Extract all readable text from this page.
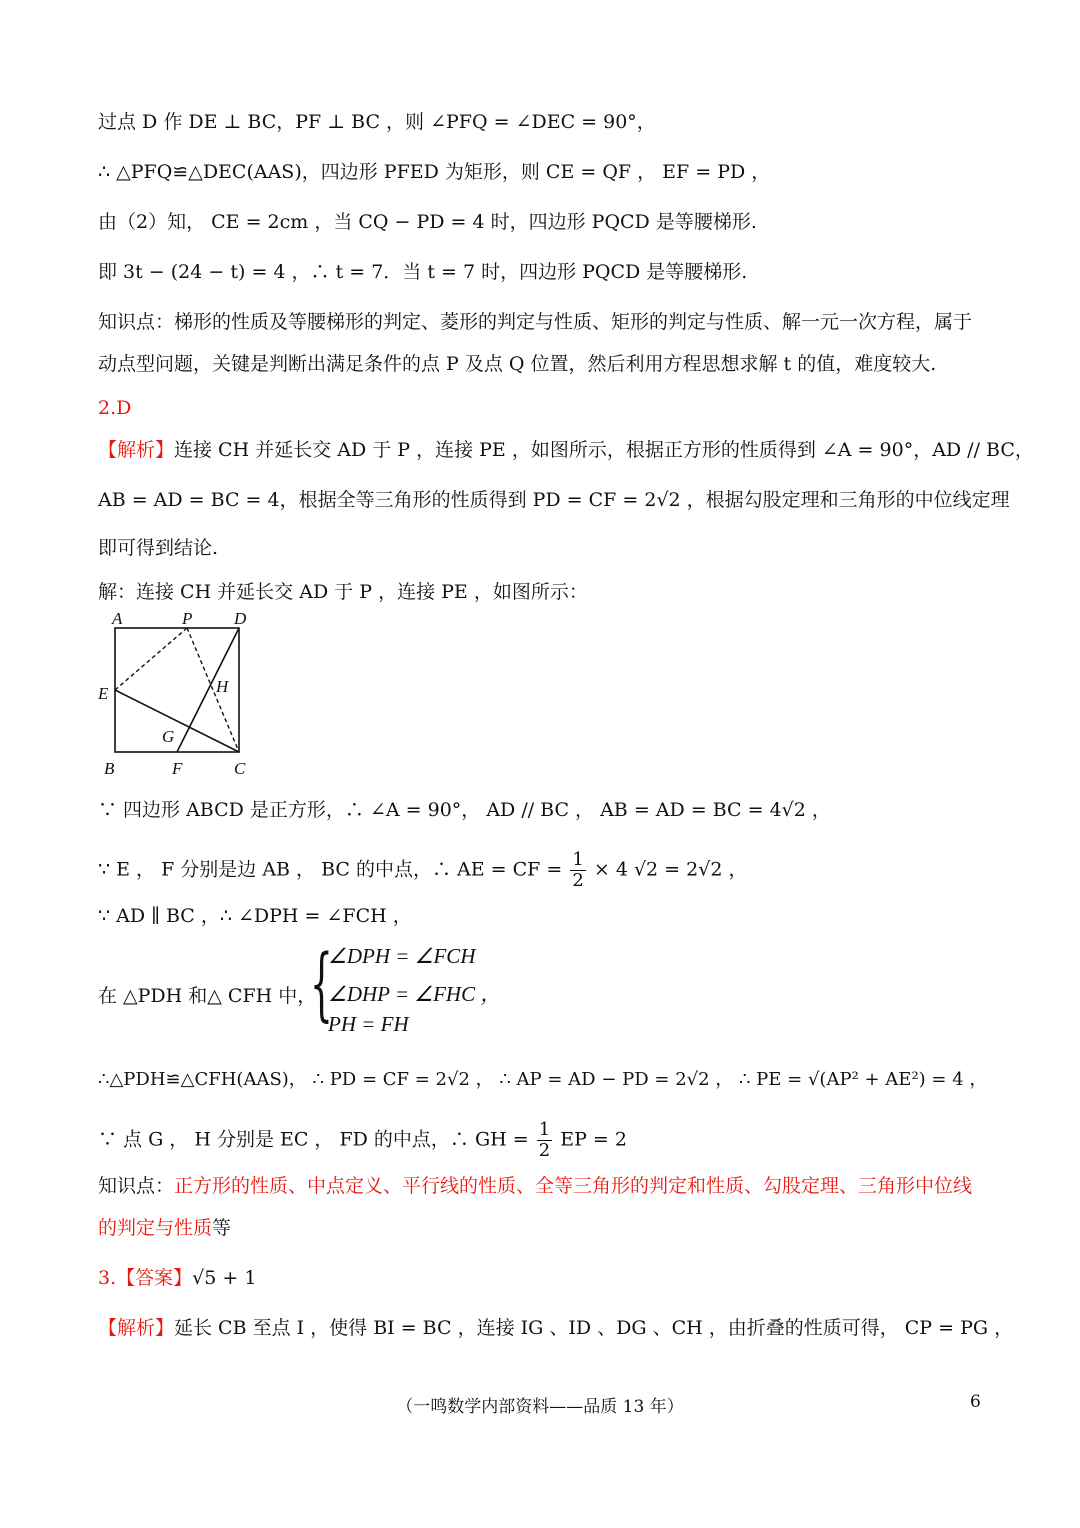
过点 D 作 DE ⊥ BC，PF ⊥ BC ，则 ∠PFQ = ∠DEC = 90°，
∴ △PFQ≌△DEC(AAS)，四边形 PFED 为矩形，则 CE = QF ， EF = PD ，
由（2）知， CE = 2cm ，当 CQ − PD = 4 时，四边形 PQCD 是等腰梯形.
即 3t − (24 − t) = 4 ，∴ t = 7．当 t = 7 时，四边形 PQCD 是等腰梯形.
知识点：梯形的性质及等腰梯形的判定、菱形的判定与性质、矩形的判定与性质、解一元一次方程，属于
动点型问题，关键是判断出满足条件的点 P 及点 Q 位置，然后利用方程思想求解 t 的值，难度较大.
2.D
【解析】连接 CH 并延长交 AD 于 P ，连接 PE ，如图所示，根据正方形的性质得到 ∠A = 90°，AD // BC，
AB = AD = BC = 4，根据全等三角形的性质得到 PD = CF = 2√2 ，根据勾股定理和三角形的中位线定理
即可得到结论.
解：连接 CH 并延长交 AD 于 P ，连接 PE ，如图所示：
A	P D
E	H
G
B	F	C
∵ 四边形 ABCD 是正方形，∴ ∠A = 90°， AD // BC ， AB = AD = BC = 4√2 ，
∵ E ， F 分别是边 AB ， BC 的中点，∴ AE = CF = $\frac{1}{2} \times 4$ √2 = 2√2 ，
∵ AD ∥ BC ，∴ ∠DPH = ∠FCH ，
在 △PDH 和△ CFH 中，
{
∠DPH = ∠FCH
∠DHP = ∠FHC ，
PH = FH
∴△PDH≌△CFH(AAS)， ∴ PD = CF = 2√2 ， ∴ AP = AD − PD = 2√2 ， ∴ PE = √(AP² + AE²) = 4 ，
∵ 点 G ， H 分别是 EC ， FD 的中点，∴ GH = $\frac{1}{2}$ EP = 2
知识点：正方形的性质、中点定义、平行线的性质、全等三角形的判定和性质、勾股定理、三角形中位线
的判定与性质等
3.【答案】√5 + 1
【解析】延长 CB 至点 I ，使得 BI = BC ，连接 IG 、ID 、DG 、CH ，由折叠的性质可得， CP = PG ，
（一鸣数学内部资料——品质 13 年）	6
